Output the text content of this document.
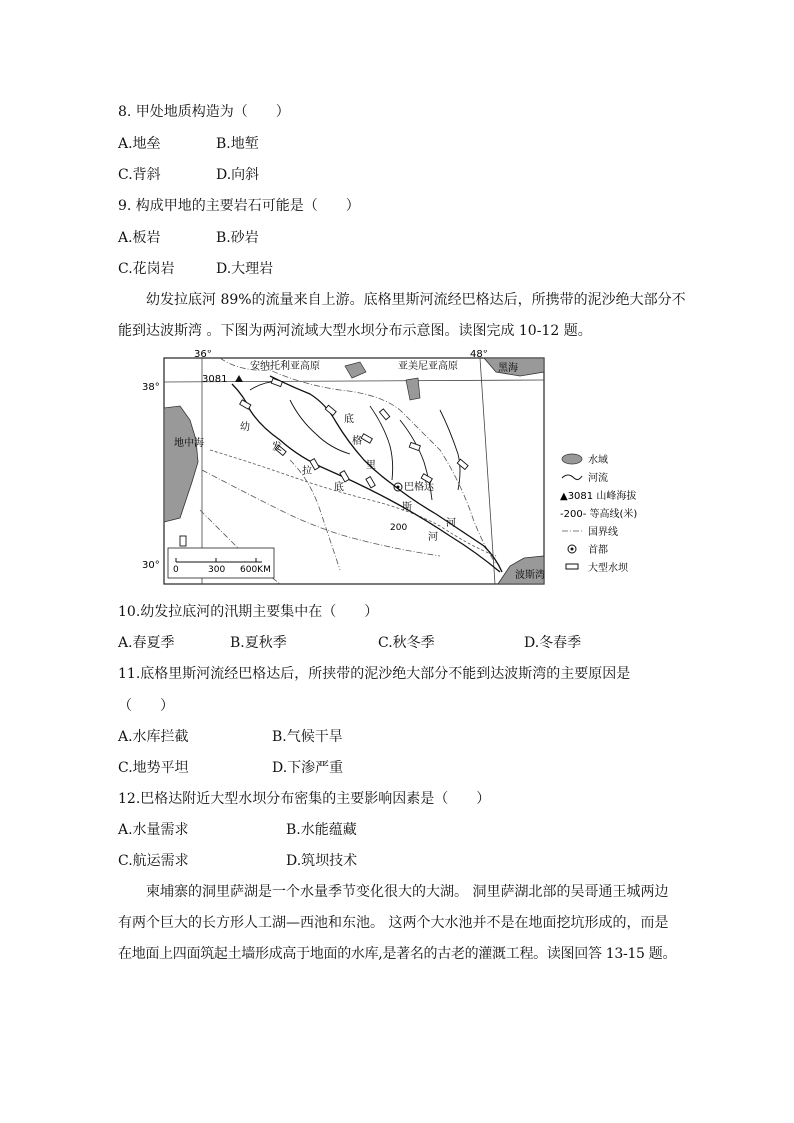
8. 甲处地质构造为（　　）
A.地垒	B.地堑
C.背斜	D.向斜
9. 构成甲地的主要岩石可能是（　　）
A.板岩	B.砂岩
C.花岗岩	D.大理岩
幼发拉底河 89%的流量来自上游。底格里斯河流经巴格达后，所携带的泥沙绝大部分不
能到达波斯湾 。下图为两河流域大型水坝分布示意图。读图完成 10-12 题。
3081
巴格达
36°	48°
38°
30°
安纳托利亚高原	亚美尼亚高原	黑海
波斯湾
地中海
幼
发
拉
底
河
底
格
里
斯
河
200
0	300 600KM
水域
河流
▲3081 山峰海拔
-200- 等高线(米)
国界线
首都
大型水坝
10.幼发拉底河的汛期主要集中在（　　）
A.春夏季	B.夏秋季	C.秋冬季	D.冬春季
11.底格里斯河流经巴格达后，所挟带的泥沙绝大部分不能到达波斯湾的主要原因是
（　　）
A.水库拦截	B.气候干旱
C.地势平坦	D.下渗严重
12.巴格达附近大型水坝分布密集的主要影响因素是（　　）
A.水量需求	B.水能蕴藏
C.航运需求	D.筑坝技术
柬埔寨的洞里萨湖是一个水量季节变化很大的大湖。 洞里萨湖北部的吴哥通王城两边
有两个巨大的长方形人工湖—西池和东池。 这两个大水池并不是在地面挖坑形成的，而是
在地面上四面筑起土墙形成高于地面的水库,是著名的古老的灌溉工程。读图回答 13-15 题。
